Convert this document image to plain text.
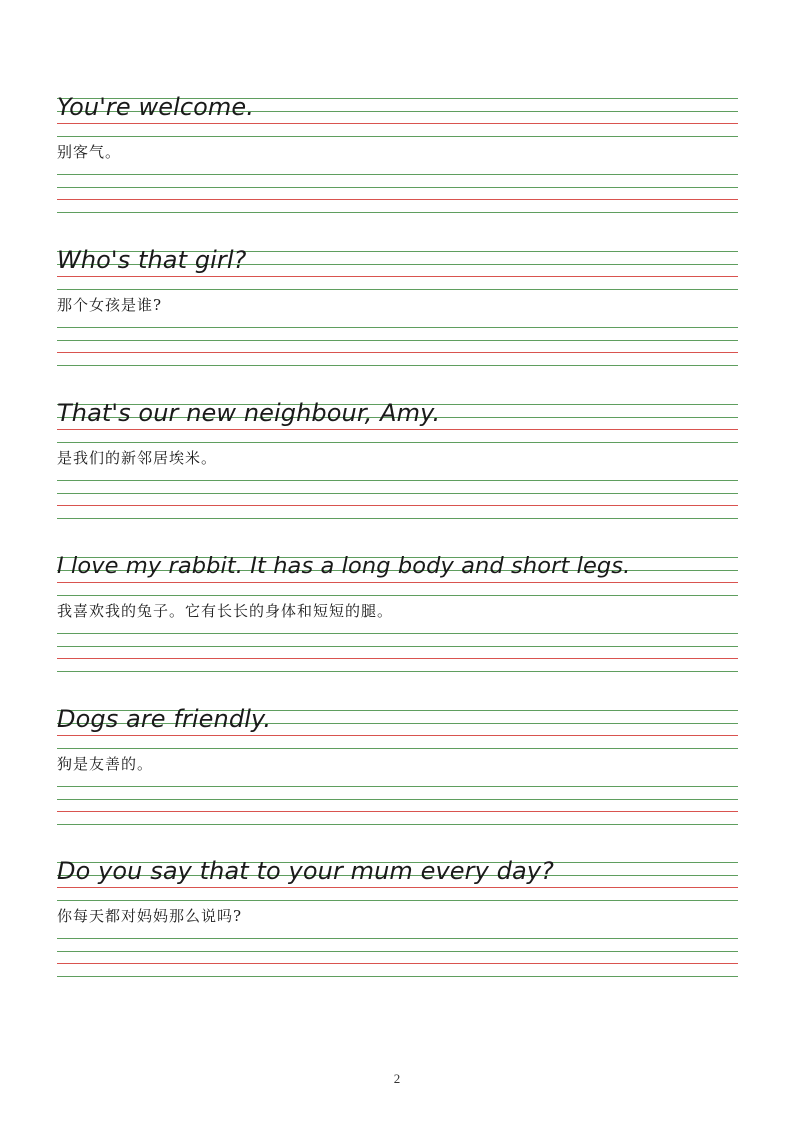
You're welcome.

别客气。

Who's that girl?

那个女孩是谁?

That's our new neighbour, Amy.

是我们的新邻居埃米。

I love my rabbit. It has a long body and short legs.

我喜欢我的兔子。它有长长的身体和短短的腿。

Dogs are friendly.

狗是友善的。

Do you say that to your mum every day?

你每天都对妈妈那么说吗?

2
